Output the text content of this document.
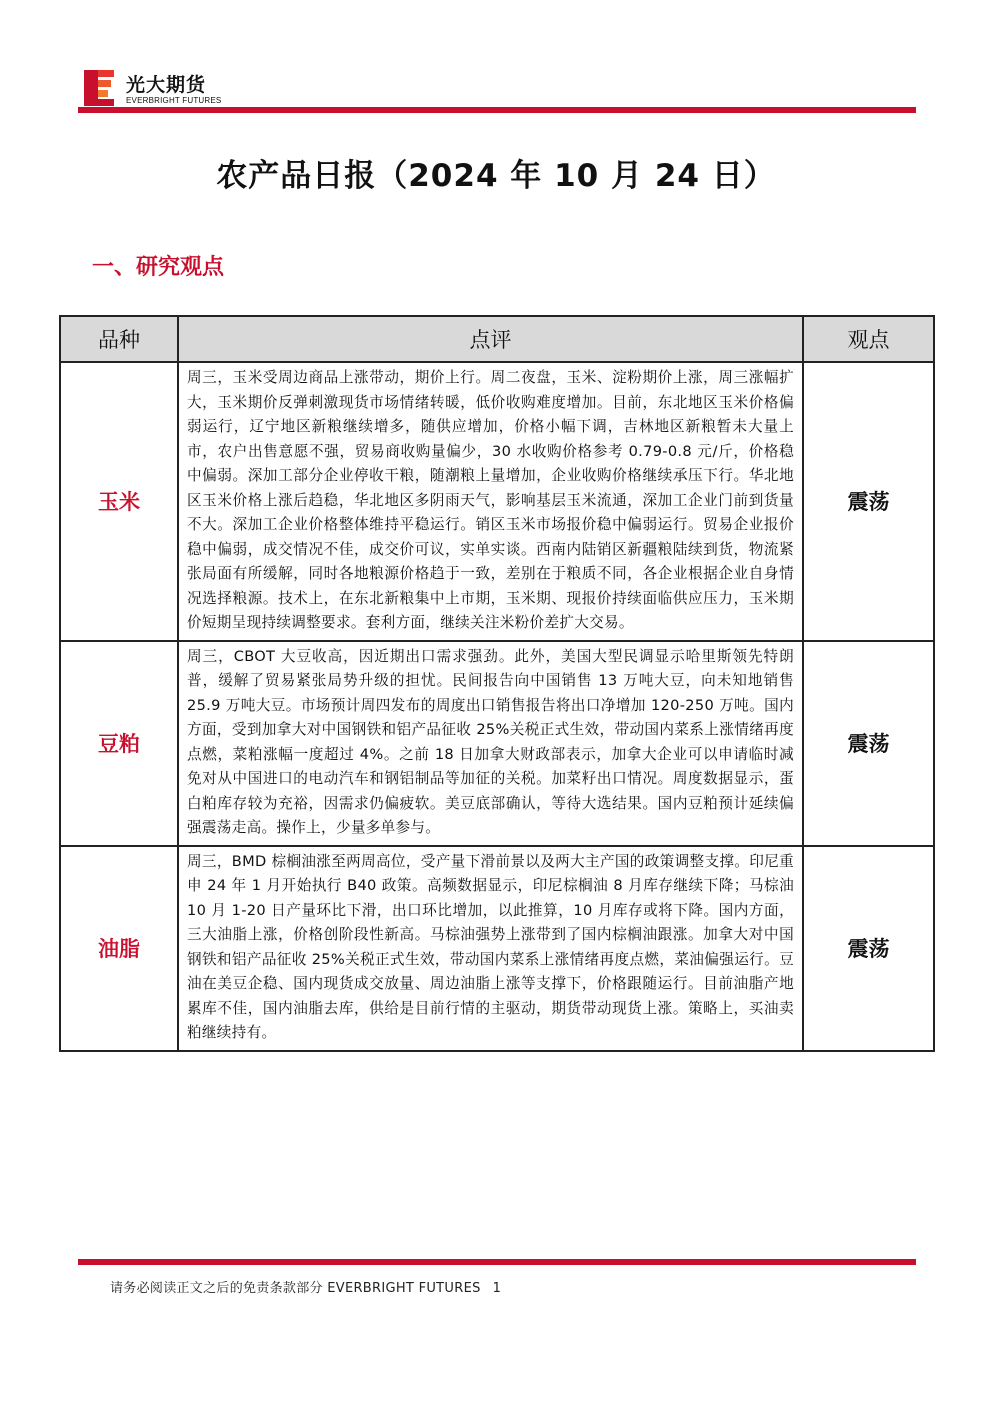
光大期货
EVERBRIGHT FUTURES
农产品日报（2024 年 10 月 24 日）
一、研究观点
品种	点评	观点
玉米	周三，玉米受周边商品上涨带动，期价上行。周二夜盘，玉米、淀粉期价上涨，周三涨幅扩大，玉米期价反弹刺激现货市场情绪转暖，低价收购难度增加。目前，东北地区玉米价格偏弱运行，辽宁地区新粮继续增多，随供应增加，价格小幅下调，吉林地区新粮暂未大量上市，农户出售意愿不强，贸易商收购量偏少，30 水收购价格参考 0.79-0.8 元/斤，价格稳中偏弱。深加工部分企业停收干粮，随潮粮上量增加，企业收购价格继续承压下行。华北地区玉米价格上涨后趋稳，华北地区多阴雨天气，影响基层玉米流通，深加工企业门前到货量不大。深加工企业价格整体维持平稳运行。销区玉米市场报价稳中偏弱运行。贸易企业报价稳中偏弱，成交情况不佳，成交价可议，实单实谈。西南内陆销区新疆粮陆续到货，物流紧张局面有所缓解，同时各地粮源价格趋于一致，差别在于粮质不同，各企业根据企业自身情况选择粮源。技术上，在东北新粮集中上市期，玉米期、现报价持续面临供应压力，玉米期价短期呈现持续调整要求。套利方面，继续关注米粉价差扩大交易。	震荡
豆粕	周三，CBOT 大豆收高，因近期出口需求强劲。此外，美国大型民调显示哈里斯领先特朗普，缓解了贸易紧张局势升级的担忧。民间报告向中国销售 13 万吨大豆，向未知地销售 25.9 万吨大豆。市场预计周四发布的周度出口销售报告将出口净增加 120-250 万吨。国内方面，受到加拿大对中国钢铁和铝产品征收 25%关税正式生效，带动国内菜系上涨情绪再度点燃，菜粕涨幅一度超过 4%。之前 18 日加拿大财政部表示，加拿大企业可以申请临时减免对从中国进口的电动汽车和钢铝制品等加征的关税。加菜籽出口情况。周度数据显示，蛋白粕库存较为充裕，因需求仍偏疲软。美豆底部确认，等待大选结果。国内豆粕预计延续偏强震荡走高。操作上，少量多单参与。	震荡
油脂	周三，BMD 棕榈油涨至两周高位，受产量下滑前景以及两大主产国的政策调整支撑。印尼重申 24 年 1 月开始执行 B40 政策。高频数据显示，印尼棕榈油 8 月库存继续下降；马棕油 10 月 1-20 日产量环比下滑，出口环比增加，以此推算，10 月库存或将下降。国内方面，三大油脂上涨，价格创阶段性新高。马棕油强势上涨带到了国内棕榈油跟涨。加拿大对中国钢铁和铝产品征收 25%关税正式生效，带动国内菜系上涨情绪再度点燃，菜油偏强运行。豆油在美豆企稳、国内现货成交放量、周边油脂上涨等支撑下，价格跟随运行。目前油脂产地累库不佳，国内油脂去库，供给是目前行情的主驱动，期货带动现货上涨。策略上，买油卖粕继续持有。	震荡
请务必阅读正文之后的免责条款部分 EVERBRIGHT FUTURES 1
